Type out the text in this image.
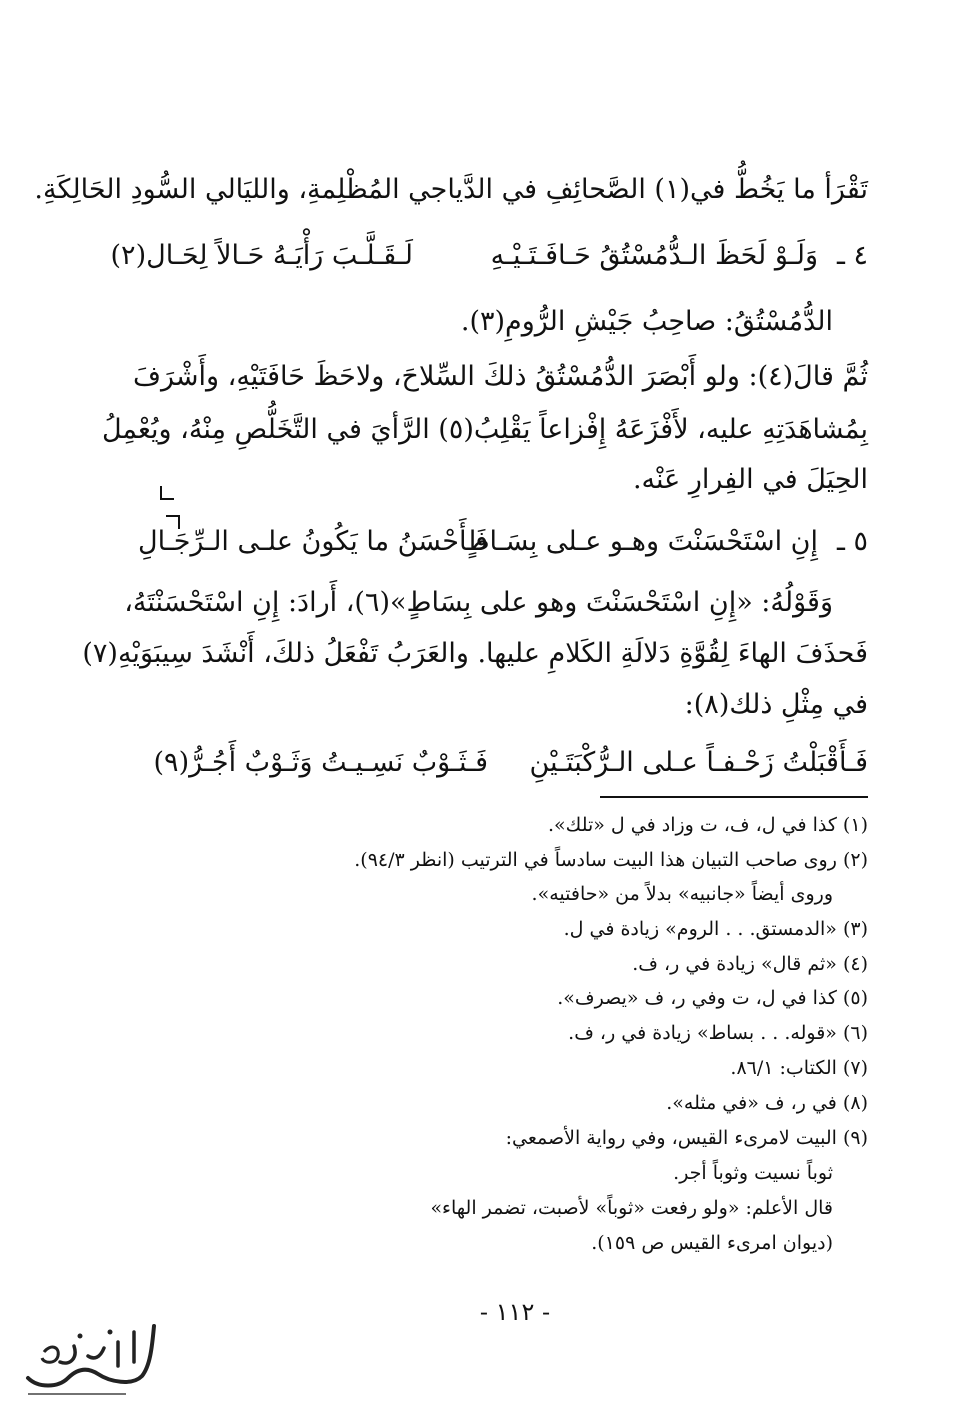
تَقْرَأ ما يَخُطُّ في(١) الصَّحائِفِ في الدَّياجي المُظْلِمةِ، والليَالي السُّودِ الحَالِكَةِ.
٤ ـ
وَلَـوْ لَحَظَ الـدُّمُسْتُقُ حَـافَـتَـيْـهِ
لَـقَـلَّـبَ رَأْيَـهُ حَـالاً لِحَـال(٢)
الدُّمُسْتُقُ: صاحِبُ جَيْشِ الرُّومِ(٣).
ثُمَّ قالَ(٤): ولو أَبْصَرَ الدُّمُسْتُقُ ذلكَ السِّلاحَ، ولاحَظَ حَافَتَيْهِ، وأَشْرَفَ
بِمُشاهَدَتِهِ عليه، لأَفْزَعَهُ إِفْزاعاً يَقْلِبُ(٥) الرَّأيَ في التَّخَلُّصِ مِنْهُ، ويُعْمِلُ
الحِيَلَ في الفِرارِ عَنْه.
٥ ـ
إِنِ اسْتَحْسَنْتَ وهـو عـلى بِسَـاطٍ
فَـأَحْسَنُ ما يَكُونُ علـى الـرِّجَـالِ
وَقَوْلُهُ: «إِنِ اسْتَحْسَنْتَ وهو على بِسَاطٍ»(٦)، أَرادَ: إِنِ اسْتَحْسَنْتَهُ،
فَحذَفَ الهاءَ لِقُوَّةِ دَلالَةِ الكَلامِ عليها. والعَرَبُ تَفْعَلُ ذلكَ، أَنْشَدَ سِيبَوَيْهِ(٧)
في مِثْلِ ذلك(٨):
فَـأَقْبَلْتُ زَحْـفـاً عـلى الـرُّكْبَتَـيْنِ
فَـثَـوْبٌ نَسِـيـتُ وَثَـوْبٌ أَجُـرُّ(٩)
(١) كذا في ل، ف، ت وزاد في ل «تلك».
(٢) روى صاحب التبيان هذا البيت سادساً في الترتيب (انظر ٩٤/٣).
وروى أيضاً «جانبيه» بدلاً من «حافتيه».
(٣) «الدمستق. . . الروم» زيادة في ل.
(٤) «ثم قال» زيادة في ر، ف.
(٥) كذا في ل، ت وفي ر، ف «يصرف».
(٦) «قوله. . . بساط» زيادة في ر، ف.
(٧) الكتاب: ٨٦/١.
(٨) في ر، ف «في مثله».
(٩) البيت لامرىء القيس، وفي رواية الأصمعي:
ثوباً نسيت وثوباً أجر.
قال الأعلم: «ولو رفعت «ثوباً» لأصبت، تضمر الهاء»
(ديوان امرىء القيس ص ١٥٩).
- ١١٢ -
